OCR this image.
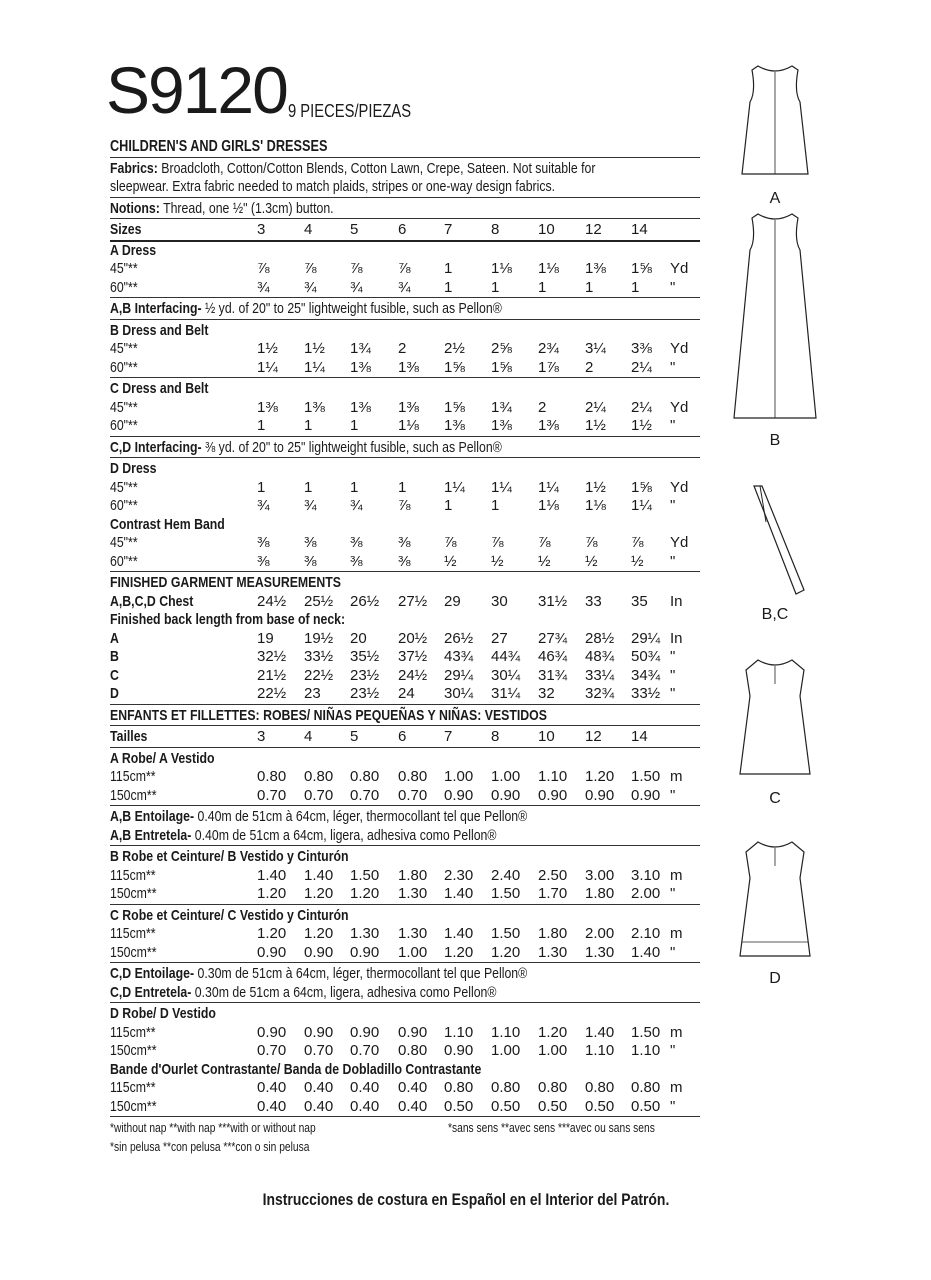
S9120 9 PIECES/PIEZAS
CHILDREN'S AND GIRLS' DRESSES
Fabrics: Broadcloth, Cotton/Cotton Blends, Cotton Lawn, Crepe, Sateen. Not suitable for
sleepwear. Extra fabric needed to match plaids, stripes or one-way design fabrics.
Notions: Thread, one ½" (1.3cm) button.
Sizes	3	4	5	6	7	8	10 12 14
A Dress
45"**	⅞ ⅞ ⅞ ⅞ 1	1⅛ 1⅛ 1⅜ 1⅝ Yd
60"**	¾ ¾ ¾ ¾ 1	1	1	1	1 "
A,B Interfacing- ½ yd. of 20" to 25" lightweight fusible, such as Pellon®
B Dress and Belt
45"**	1½ 1½ 1¾ 2	2½ 2⅝ 2¾ 3¼ 3⅜ Yd
60"**	1¼ 1¼ 1⅜ 1⅜ 1⅝ 1⅝ 1⅞ 2	2¼ "
C Dress and Belt
45"**	1⅜ 1⅜ 1⅜ 1⅜ 1⅝ 1¾ 2	2¼ 2¼ Yd
60"**	1	1	1	1⅛ 1⅜ 1⅜ 1⅜ 1½ 1½ "
C,D Interfacing- ⅜ yd. of 20" to 25" lightweight fusible, such as Pellon®
D Dress
45"**	1	1	1	1	1¼ 1¼ 1¼ 1½ 1⅝ Yd
60"**	¾ ¾ ¾ ⅞ 1	1	1⅛ 1⅛ 1¼ "
Contrast Hem Band
45"**	⅜ ⅜ ⅜ ⅜ ⅞ ⅞ ⅞ ⅞ ⅞ Yd
60"**	⅜ ⅜ ⅜ ⅜ ½ ½ ½ ½ ½ "
FINISHED GARMENT MEASUREMENTS
A,B,C,D Chest	24½ 25½ 26½ 27½ 29 30 31½ 33 35 In
Finished back length from base of neck:
A	19 19½ 20 20½ 26½ 27 27¾ 28½ 29¼ In
B	32½ 33½ 35½ 37½ 43¾ 44¾ 46¾ 48¾ 50¾ "
C	21½ 22½ 23½ 24½ 29¼ 30¼ 31¾ 33¼ 34¾ "
D	22½ 23 23½ 24 30¼ 31¼ 32 32¾ 33½ "
ENFANTS ET FILLETTES: ROBES/ NIÑAS PEQUEÑAS Y NIÑAS: VESTIDOS
Tailles	3	4	5	6	7	8	10 12 14
A Robe/ A Vestido
115cm**	0.80 0.80 0.80 0.80 1.00 1.00 1.10 1.20 1.50 m
150cm**	0.70 0.70 0.70 0.70 0.90 0.90 0.90 0.90 0.90 "
A,B Entoilage- 0.40m de 51cm à 64cm, léger, thermocollant tel que Pellon®
A,B Entretela- 0.40m de 51cm a 64cm, ligera, adhesiva como Pellon®
B Robe et Ceinture/ B Vestido y Cinturón
115cm**	1.40 1.40 1.50 1.80 2.30 2.40 2.50 3.00 3.10 m
150cm**	1.20 1.20 1.20 1.30 1.40 1.50 1.70 1.80 2.00 "
C Robe et Ceinture/ C Vestido y Cinturón
115cm**	1.20 1.20 1.30 1.30 1.40 1.50 1.80 2.00 2.10 m
150cm**	0.90 0.90 0.90 1.00 1.20 1.20 1.30 1.30 1.40 "
C,D Entoilage- 0.30m de 51cm à 64cm, léger, thermocollant tel que Pellon®
C,D Entretela- 0.30m de 51cm a 64cm, ligera, adhesiva como Pellon®
D Robe/ D Vestido
115cm**	0.90 0.90 0.90 0.90 1.10 1.10 1.20 1.40 1.50 m
150cm**	0.70 0.70 0.70 0.80 0.90 1.00 1.00 1.10 1.10 "
Bande d'Ourlet Contrastante/ Banda de Dobladillo Contrastante
115cm**	0.40 0.40 0.40 0.40 0.80 0.80 0.80 0.80 0.80 m
150cm**	0.40 0.40 0.40 0.40 0.50 0.50 0.50 0.50 0.50 "
*without nap **with nap ***with or without nap	*sans sens **avec sens ***avec ou sans sens
*sin pelusa **con pelusa ***con o sin pelusa
Instrucciones de costura en Español en el Interior del Patrón.
A
B
B,C
C
D
